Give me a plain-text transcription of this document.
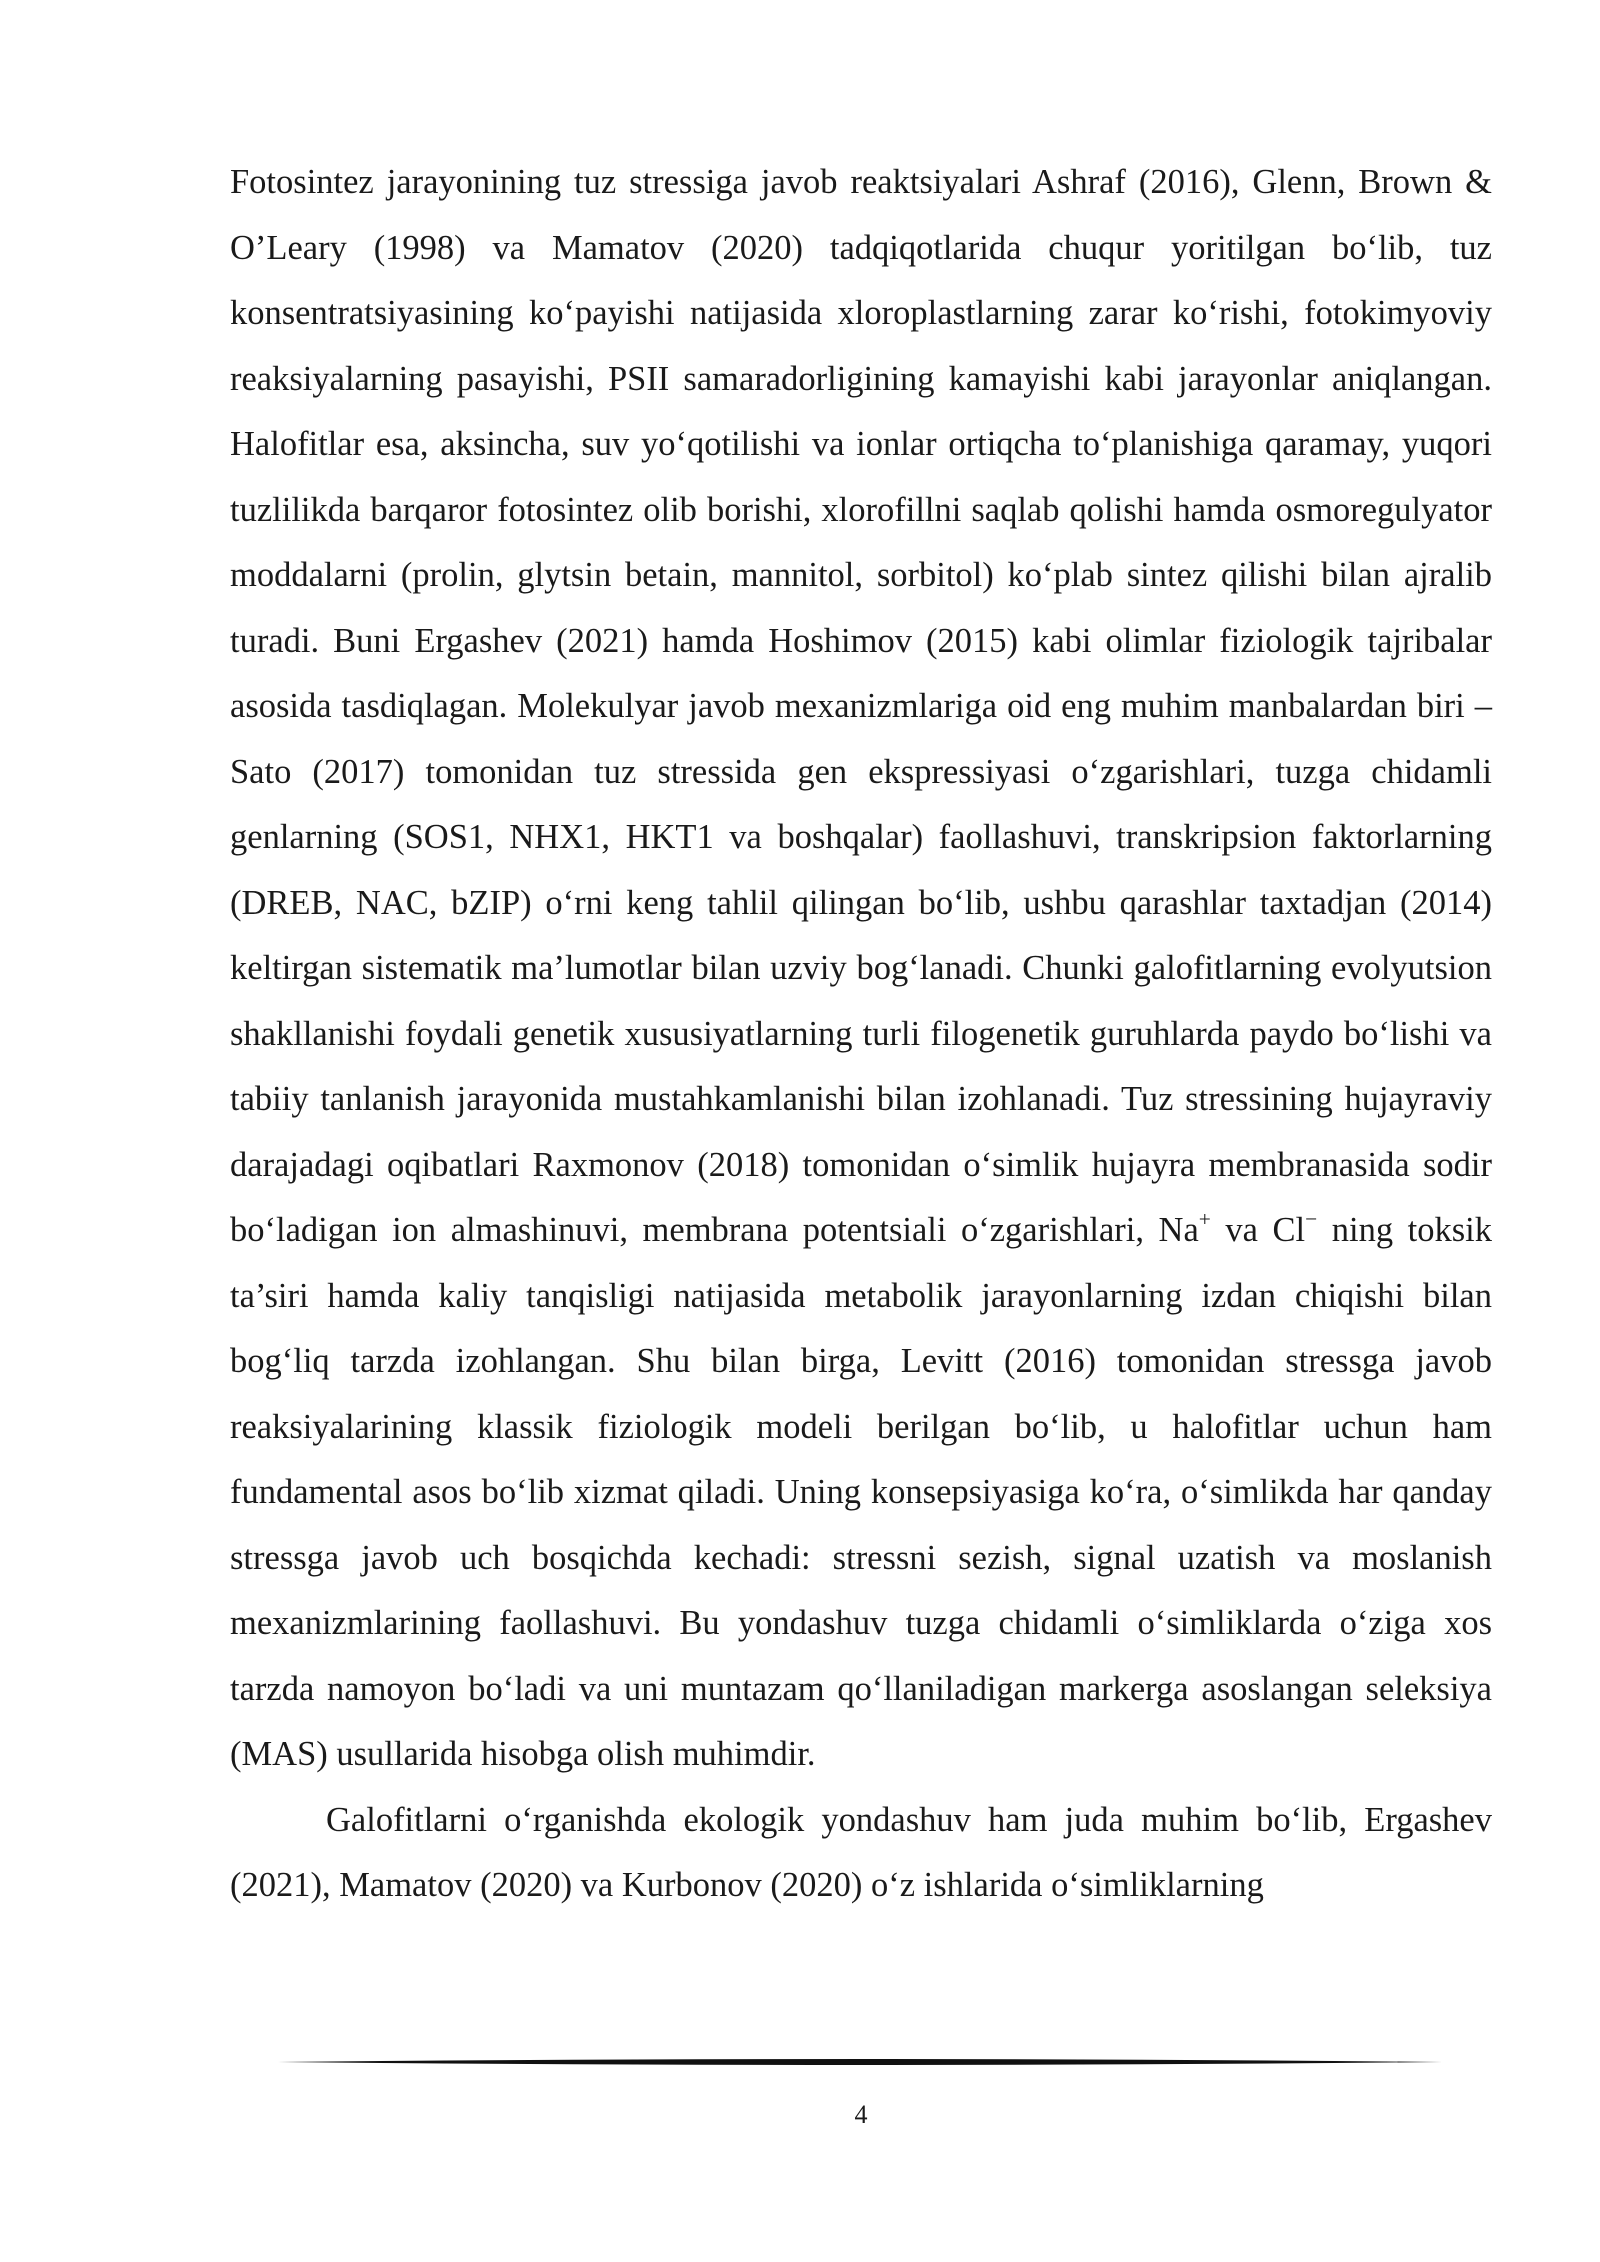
Fotosintez jarayonining tuz stressiga javob reaktsiyalari Ashraf (2016), Glenn, Brown & O’Leary (1998) va Mamatov (2020) tadqiqotlarida chuqur yoritilgan bo‘lib, tuz konsentratsiyasining ko‘payishi natijasida xloroplastlarning zarar ko‘rishi, fotokimyoviy reaksiyalarning pasayishi, PSII samaradorligining kamayishi kabi jarayonlar aniqlangan. Halofitlar esa, aksincha, suv yo‘qotilishi va ionlar ortiqcha to‘planishiga qaramay, yuqori tuzlilikda barqaror fotosintez olib borishi, xlorofillni saqlab qolishi hamda osmoregulyator moddalarni (prolin, glytsin betain, mannitol, sorbitol) ko‘plab sintez qilishi bilan ajralib turadi. Buni Ergashev (2021) hamda Hoshimov (2015) kabi olimlar fiziologik tajribalar asosida tasdiqlagan. Molekulyar javob mexanizmlariga oid eng muhim manbalardan biri – Sato (2017) tomonidan tuz stressida gen ekspressiyasi o‘zgarishlari, tuzga chidamli genlarning (SOS1, NHX1, HKT1 va boshqalar) faollashuvi, transkripsion faktorlarning (DREB, NAC, bZIP) o‘rni keng tahlil qilingan bo‘lib, ushbu qarashlar taxtadjan (2014) keltirgan sistematik ma’lumotlar bilan uzviy bog‘lanadi. Chunki galofitlarning evolyutsion shakllanishi foydali genetik xususiyatlarning turli filogenetik guruhlarda paydo bo‘lishi va tabiiy tanlanish jarayonida mustahkamlanishi bilan izohlanadi. Tuz stressining hujayraviy darajadagi oqibatlari Raxmonov (2018) tomonidan o‘simlik hujayra membranasida sodir bo‘ladigan ion almashinuvi, membrana potentsiali o‘zgarishlari, Na+ va Cl− ning toksik ta’siri hamda kaliy tanqisligi natijasida metabolik jarayonlarning izdan chiqishi bilan bog‘liq tarzda izohlangan. Shu bilan birga, Levitt (2016) tomonidan stressga javob reaksiyalarining klassik fiziologik modeli berilgan bo‘lib, u halofitlar uchun ham fundamental asos bo‘lib xizmat qiladi. Uning konsepsiyasiga ko‘ra, o‘simlikda har qanday stressga javob uch bosqichda kechadi: stressni sezish, signal uzatish va moslanish mexanizmlarining faollashuvi. Bu yondashuv tuzga chidamli o‘simliklarda o‘ziga xos tarzda namoyon bo‘ladi va uni muntazam qo‘llaniladigan markerga asoslangan seleksiya (MAS) usullarida hisobga olish muhimdir.

Galofitlarni o‘rganishda ekologik yondashuv ham juda muhim bo‘lib, Ergashev (2021), Mamatov (2020) va Kurbonov (2020) o‘z ishlarida o‘simliklarning

4
